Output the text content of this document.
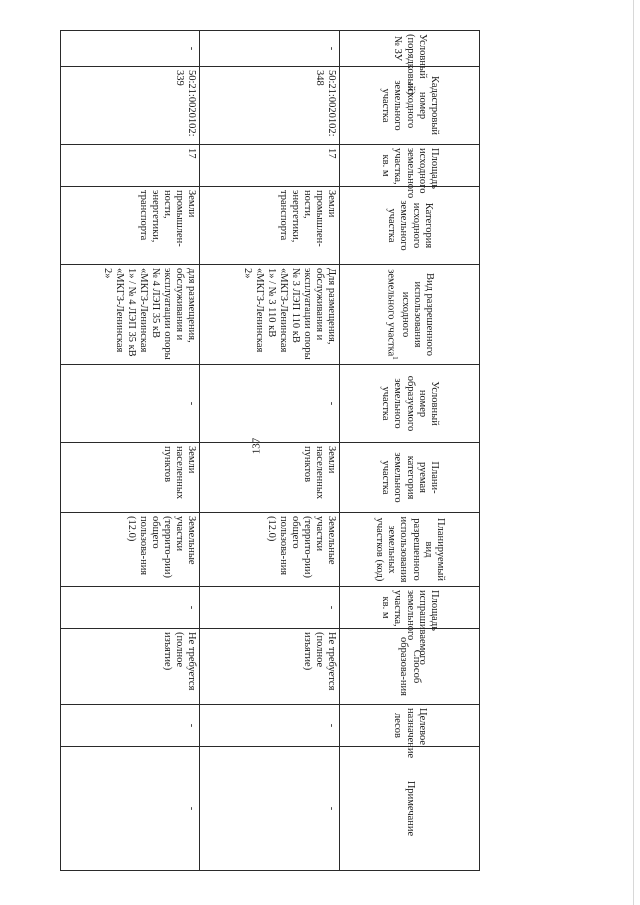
137
Условный (порядковый) № ЗУ	Кадастровый номер исходного земельного участка	Площадь исходного земельного участка, кв. м	Категория исходного земельного участка	Вид разрешенного использования исходного земельного участка$^1$	Условный номер образуемого земельного участка	Плани-руемая категория земельного участка	Планируемый вид разрешенного использования земельных участков (код)	Площадь испрашиваемого земельного участка, кв. м	Способ образова-ния	Целевое назначение лесов	Примечание
-	50:21:0020102: 348	17	Земли промышлен-ности, энергетики, транспорта	Для размещения, обслуживания и эксплуатации опоры № 3 ЛЭП 110 кВ «МКГЗ-Ленинская 1» / № 3 110 кВ «МКГЗ-Ленинская 2»	-	Земли населенных пунктов	Земельные участки (террито-рии) общего пользова-ния (12.0)	-	Не требуется (полное изъятие)	-	-
-	50:21:0020102: 339	17	Земли промышлен-ности, энергетики, транспорта	для размещения, обслуживания и эксплуатации опоры № 4 ЛЭП 35 кВ «МКГЗ-Ленинская 1» / № 4 ЛЭП 35 кВ «МКГЗ-Ленинская 2»	-	Земли населенных пунктов	Земельные участки (террито-рии) общего пользова-ния (12.0)	-	Не требуется (полное изъятие)	-	-
